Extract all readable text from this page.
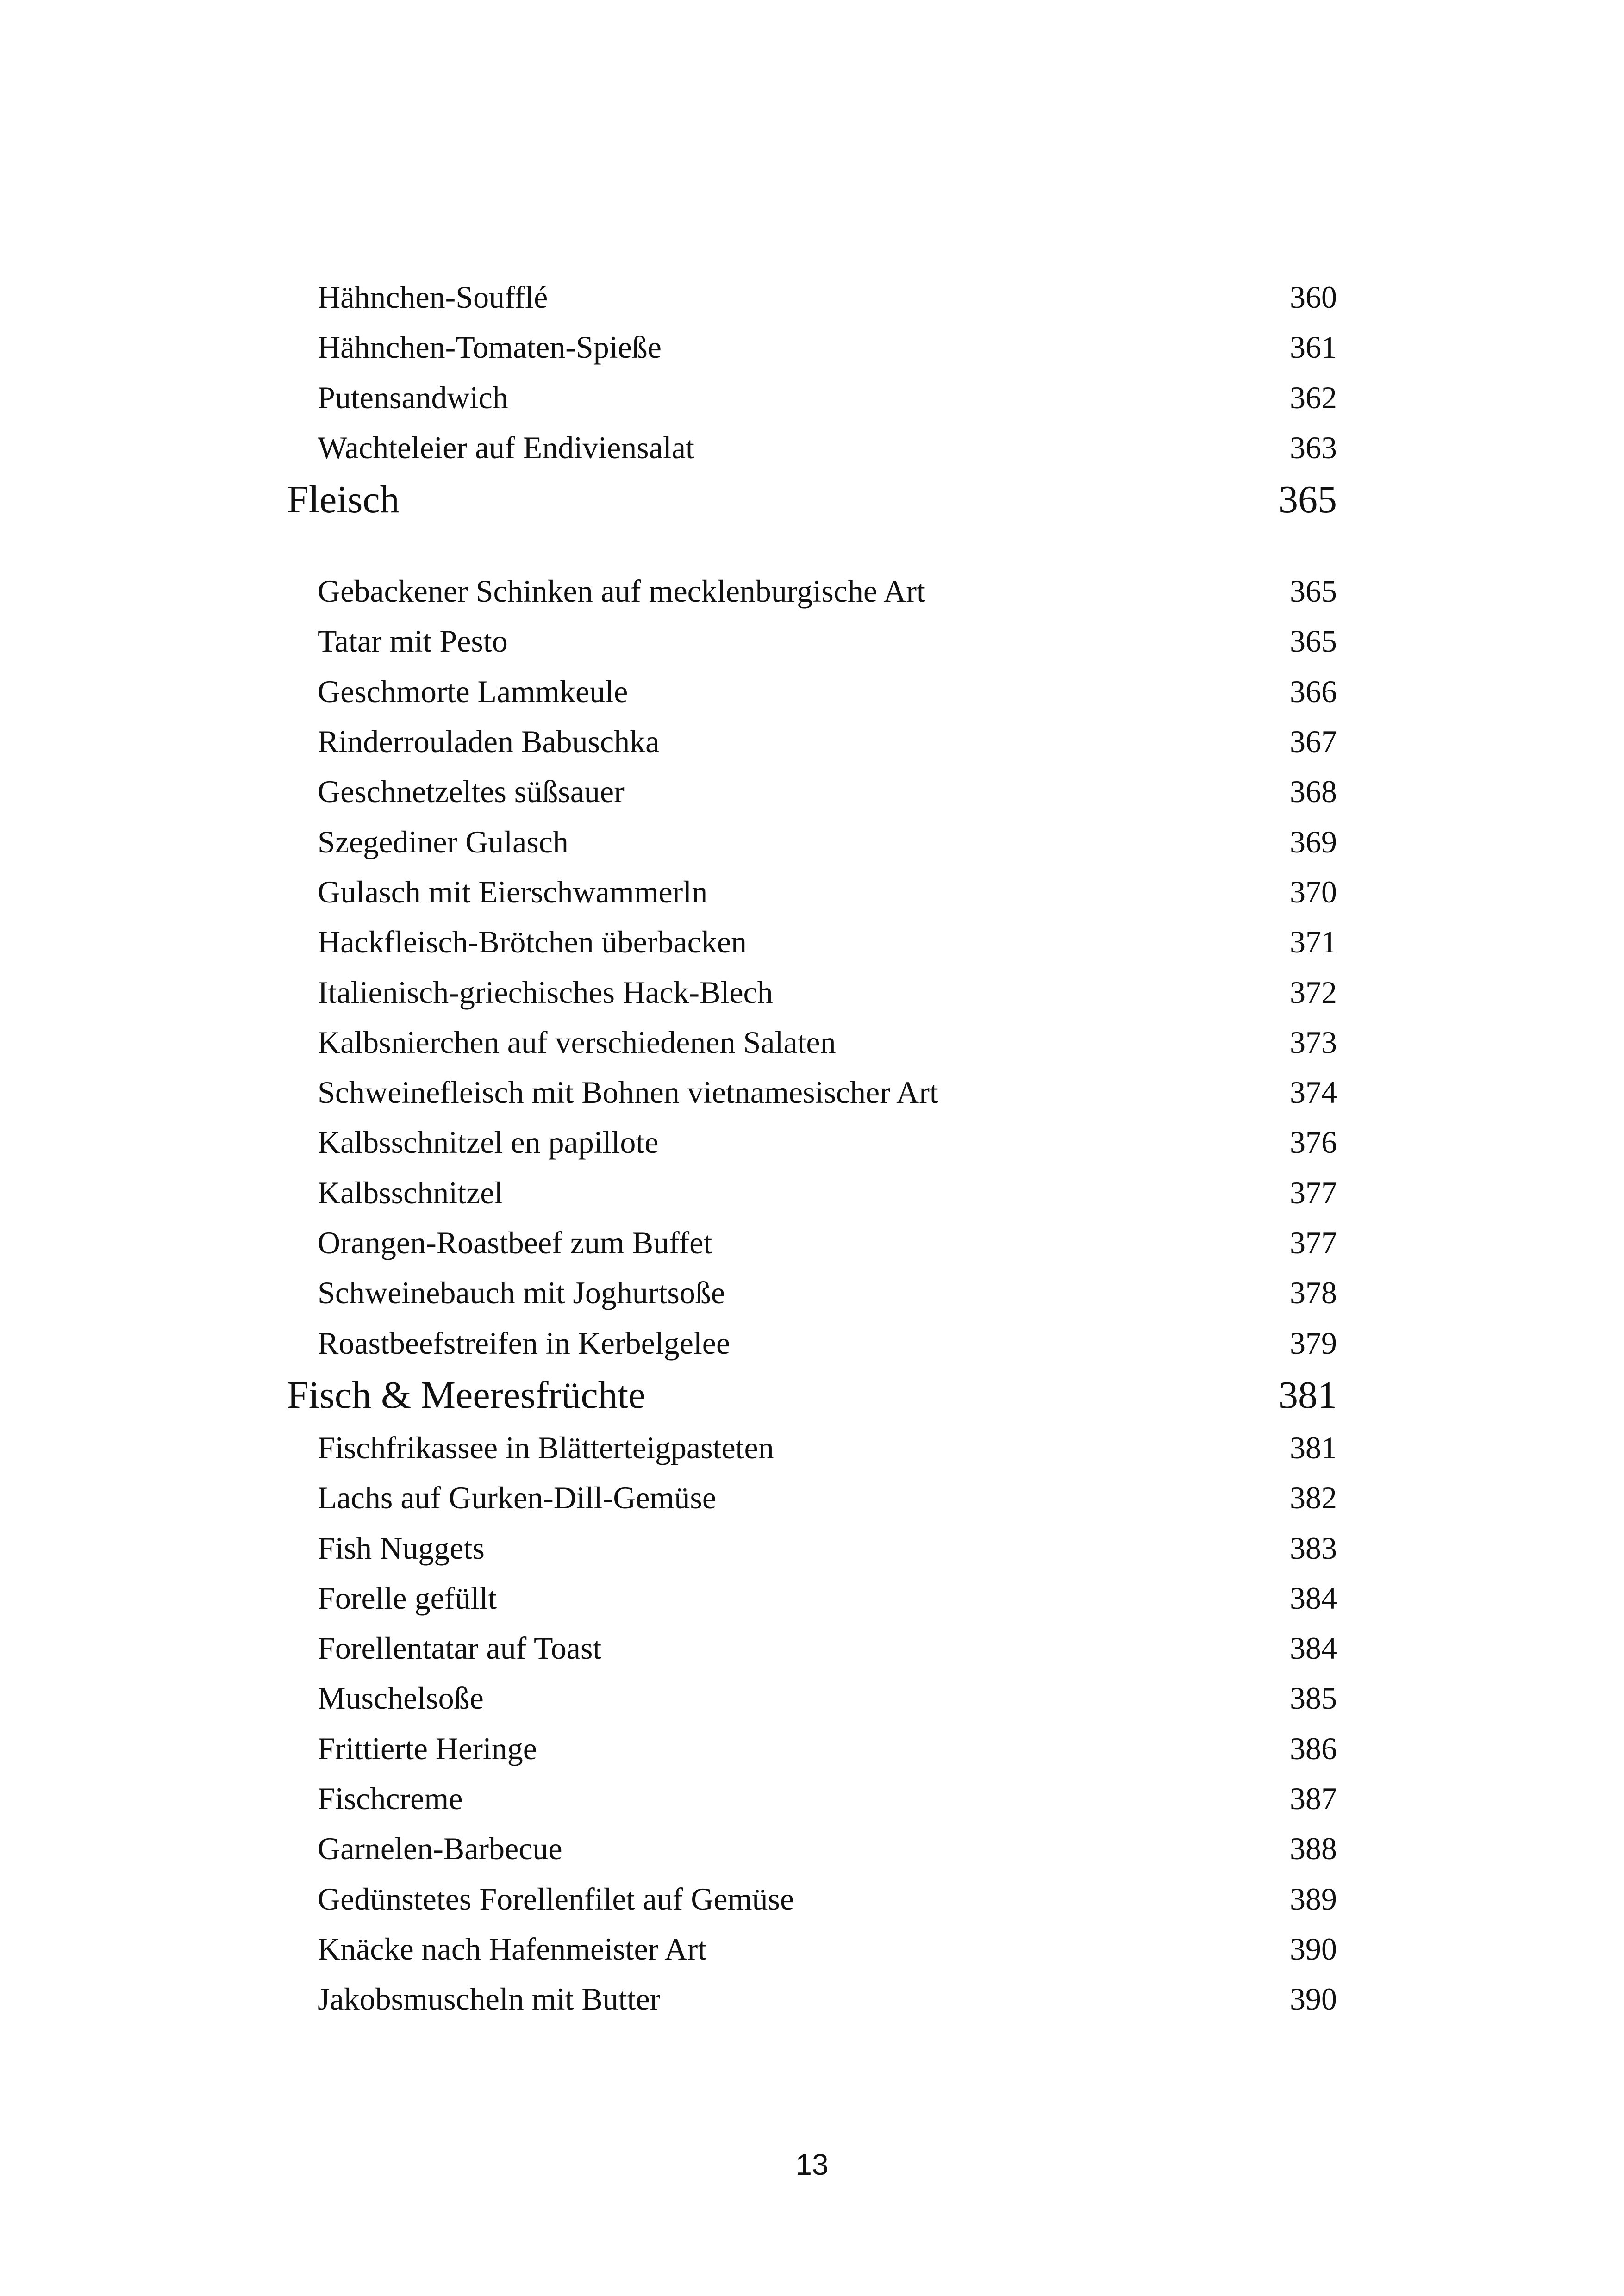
Hähnchen-Soufflé	360
Hähnchen-Tomaten-Spieße	361
Putensandwich	362
Wachteleier auf Endiviensalat	363
Fleisch	365
Gebackener Schinken auf mecklenburgische Art	365
Tatar mit Pesto	365
Geschmorte Lammkeule	366
Rinderrouladen Babuschka	367
Geschnetzeltes süßsauer	368
Szegediner Gulasch	369
Gulasch mit Eierschwammerln	370
Hackfleisch-Brötchen überbacken	371
Italienisch-griechisches Hack-Blech	372
Kalbsnierchen auf verschiedenen Salaten	373
Schweinefleisch mit Bohnen vietnamesischer Art	374
Kalbsschnitzel en papillote	376
Kalbsschnitzel	377
Orangen-Roastbeef zum Buffet	377
Schweinebauch mit Joghurtsoße	378
Roastbeefstreifen in Kerbelgelee	379
Fisch & Meeresfrüchte	381
Fischfrikassee in Blätterteigpasteten	381
Lachs auf Gurken-Dill-Gemüse	382
Fish Nuggets	383
Forelle gefüllt	384
Forellentatar auf Toast	384
Muschelsoße	385
Frittierte Heringe	386
Fischcreme	387
Garnelen-Barbecue	388
Gedünstetes Forellenfilet auf Gemüse	389
Knäcke nach Hafenmeister Art	390
Jakobsmuscheln mit Butter	390
13
